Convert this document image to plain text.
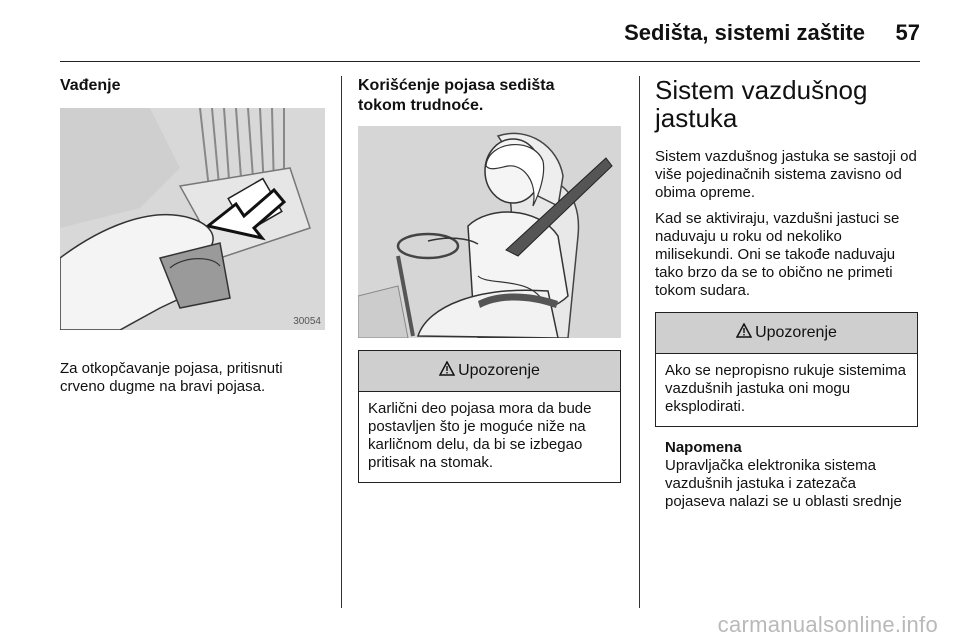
Sedišta, sistemi zaštite	57
Vađenje
30054

Za otkopčavanje pojasa, pritisnuti crveno dugme na bravi pojasa.

Korišćenje pojasa sedišta
tokom trudnoće.
Upozorenje
Karlični deo pojasa mora da bude postavljen što je moguće niže na karličnom delu, da bi se izbegao pritisak na stomak.
Sistem vazdušnog
jastuka

Sistem vazdušnog jastuka se sastoji od više pojedinačnih sistema zavisno od obima opreme.

Kad se aktiviraju, vazdušni jastuci se naduvaju u roku od nekoliko milisekundi. Oni se takođe naduvaju tako brzo da se to obično ne primeti tokom sudara.

Upozorenje
Ako se nepropisno rukuje sistemima vazdušnih jastuka oni mogu eksplodirati.

Napomena

Upravljačka elektronika sistema vazdušnih jastuka i zatezača pojaseva nalazi se u oblasti srednje

carmanualsonline.info
